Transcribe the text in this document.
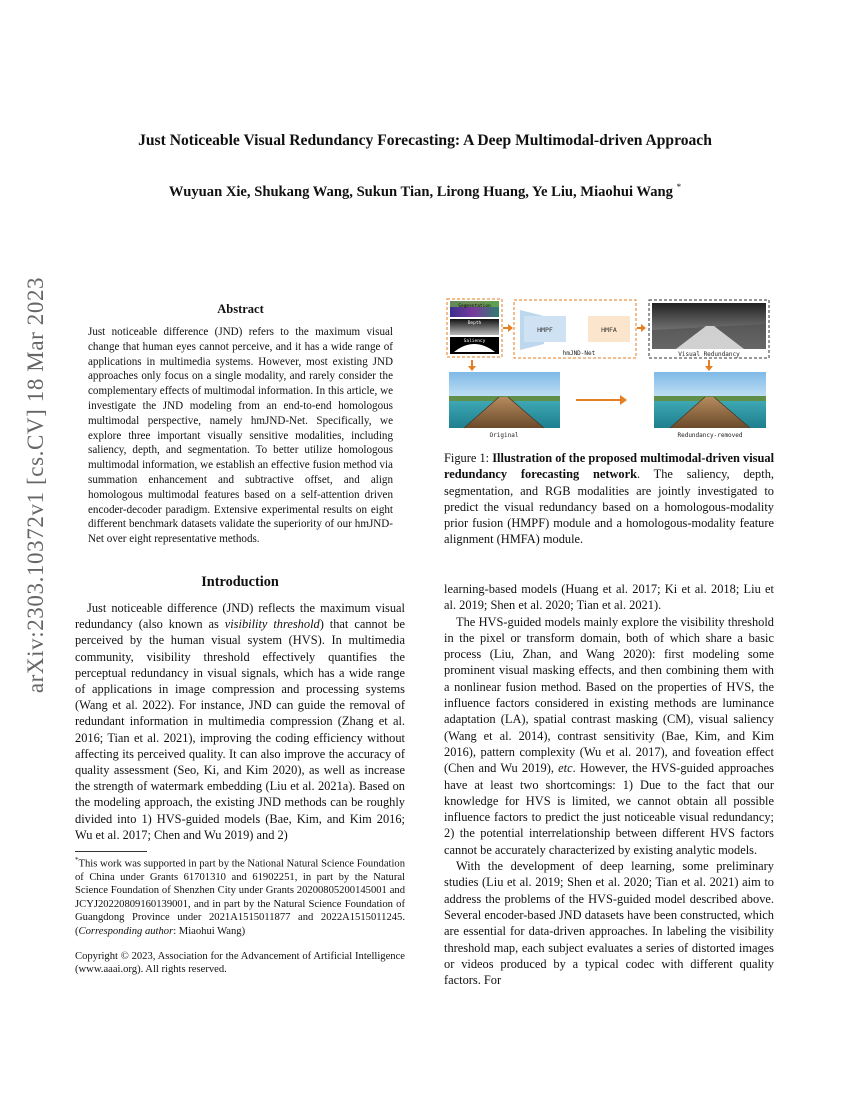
arXiv:2303.10372v1 [cs.CV] 18 Mar 2023
Just Noticeable Visual Redundancy Forecasting: A Deep Multimodal-driven Approach
Wuyuan Xie, Shukang Wang, Sukun Tian, Lirong Huang, Ye Liu, Miaohui Wang *
Abstract
Just noticeable difference (JND) refers to the maximum visual change that human eyes cannot perceive, and it has a wide range of applications in multimedia systems. However, most existing JND approaches only focus on a single modality, and rarely consider the complementary effects of multimodal information. In this article, we investigate the JND modeling from an end-to-end homologous multimodal perspective, namely hmJND-Net. Specifically, we explore three important visually sensitive modalities, including saliency, depth, and segmentation. To better utilize homologous multimodal information, we establish an effective fusion method via summation enhancement and subtractive offset, and align homologous multimodal features based on a self-attention driven encoder-decoder paradigm. Extensive experimental results on eight different benchmark datasets validate the superiority of our hmJND-Net over eight representative methods.
Introduction

Just noticeable difference (JND) reflects the maximum visual redundancy (also known as visibility threshold) that cannot be perceived by the human visual system (HVS). In multimedia community, visibility threshold effectively quantifies the perceptual redundancy in visual signals, which has a wide range of applications in image compression and processing systems (Wang et al. 2022). For instance, JND can guide the removal of redundant information in multimedia compression (Zhang et al. 2016; Tian et al. 2021), improving the coding efficiency without affecting its perceived quality. It can also improve the accuracy of quality assessment (Seo, Ki, and Kim 2020), as well as increase the strength of watermark embedding (Liu et al. 2021a). Based on the modeling approach, the existing JND methods can be roughly divided into 1) HVS-guided models (Bae, Kim, and Kim 2016; Wu et al. 2017; Chen and Wu 2019) and 2)

*This work was supported in part by the National Natural Science Foundation of China under Grants 61701310 and 61902251, in part by the Natural Science Foundation of Shenzhen City under Grants 20200805200145001 and JCYJ20220809160139001, and in part by the Natural Science Foundation of Guangdong Province under 2021A1515011877 and 2022A1515011245. (Corresponding author: Miaohui Wang)
Copyright © 2023, Association for the Advancement of Artificial Intelligence (www.aaai.org). All rights reserved.
Segmentation
Depth
Saliency
HMPF	HMFA
hmJND-Net	Visual Redundancy
Original	Redundancy-removed
Figure 1: Illustration of the proposed multimodal-driven visual redundancy forecasting network. The saliency, depth, segmentation, and RGB modalities are jointly investigated to predict the visual redundancy based on a homologous-modality prior fusion (HMPF) module and a homologous-modality feature alignment (HMFA) module.

learning-based models (Huang et al. 2017; Ki et al. 2018; Liu et al. 2019; Shen et al. 2020; Tian et al. 2021).

The HVS-guided models mainly explore the visibility threshold in the pixel or transform domain, both of which share a basic process (Liu, Zhan, and Wang 2020): first modeling some prominent visual masking effects, and then combining them with a nonlinear fusion method. Based on the properties of HVS, the influence factors considered in existing methods are luminance adaptation (LA), spatial contrast masking (CM), visual saliency (Wang et al. 2014), contrast sensitivity (Bae, Kim, and Kim 2016), pattern complexity (Wu et al. 2017), and foveation effect (Chen and Wu 2019), etc. However, the HVS-guided approaches have at least two shortcomings: 1) Due to the fact that our knowledge for HVS is limited, we cannot obtain all possible influence factors to predict the just noticeable visual redundancy; 2) the potential interrelationship between different HVS factors cannot be accurately characterized by existing analytic models.

With the development of deep learning, some preliminary studies (Liu et al. 2019; Shen et al. 2020; Tian et al. 2021) aim to address the problems of the HVS-guided model described above. Several encoder-based JND datasets have been constructed, which are essential for data-driven approaches. In labeling the visibility threshold map, each subject evaluates a series of distorted images or videos produced by a typical codec with different quality factors. For
